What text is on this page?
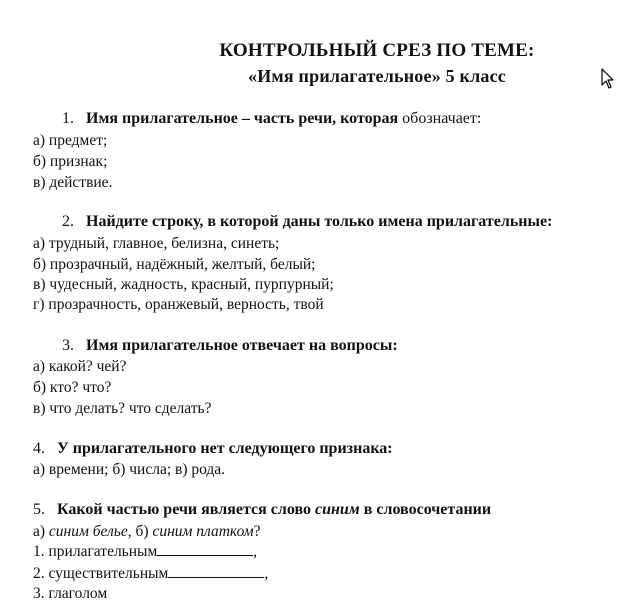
КОНТРОЛЬНЫЙ СРЕЗ ПО ТЕМЕ:
«Имя прилагательное» 5 класс
1. Имя прилагательное – часть речи, которая обозначает:
а) предмет;
б) признак;
в) действие.
2. Найдите строку, в которой даны только имена прилагательные:
а) трудный, главное, белизна, синеть;
б) прозрачный, надёжный, желтый, белый;
в) чудесный, жадность, красный, пурпурный;
г) прозрачность, оранжевый, верность, твой
3. Имя прилагательное отвечает на вопросы:
а) какой? чей?
б) кто? что?
в) что делать? что сделать?
4. У прилагательного нет следующего признака:
а) времени; б) числа; в) рода.
5. Какой частью речи является слово синим в словосочетании
а) синим белье, б) синим платком?
1. прилагательным	,
2. существительным	,
3. глаголом
